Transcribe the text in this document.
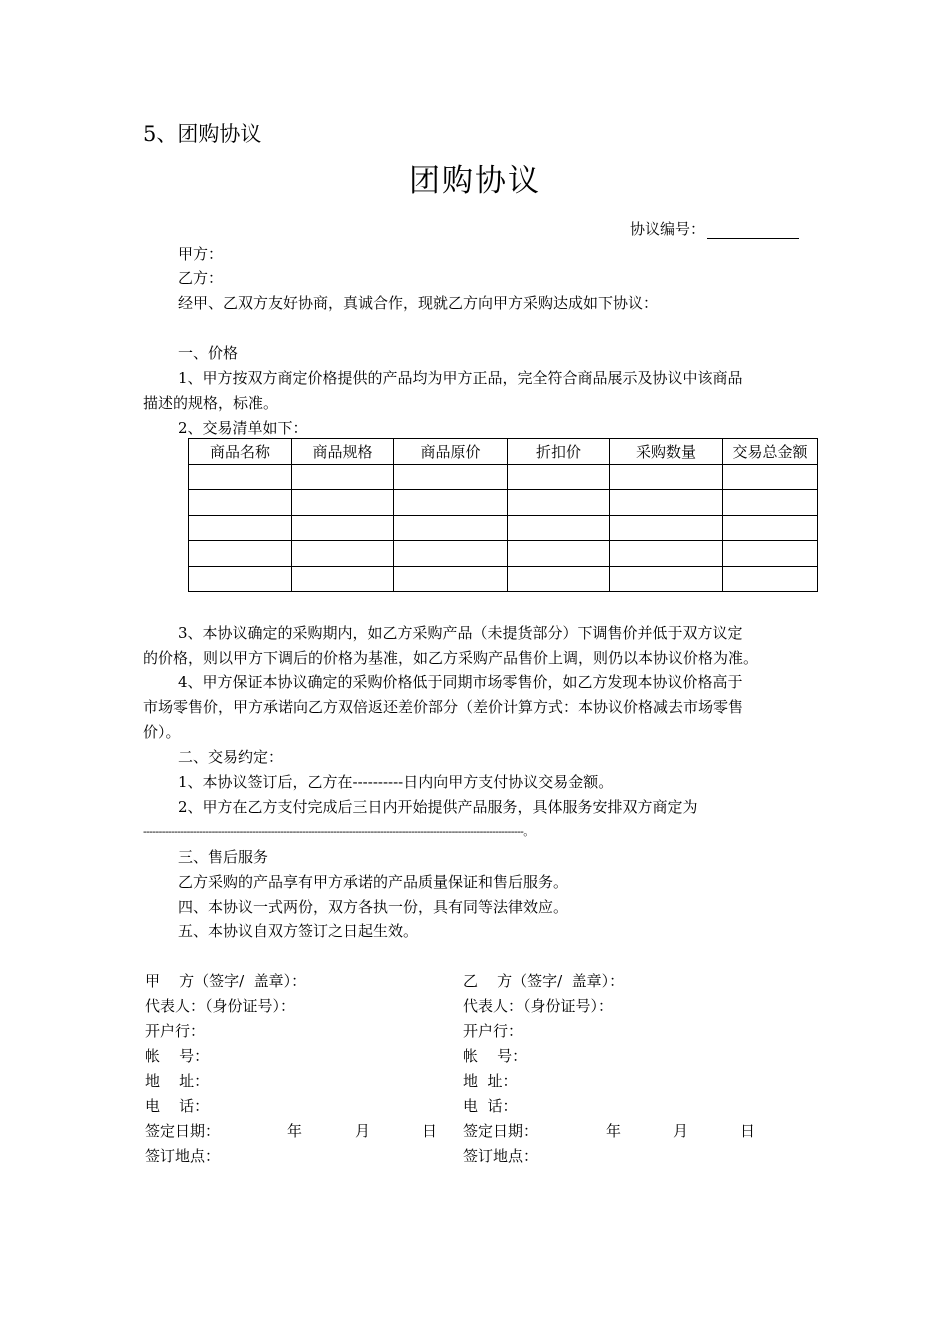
5、团购协议
团购协议
协议编号：
甲方：
乙方：
经甲、乙双方友好协商，真诚合作，现就乙方向甲方采购达成如下协议：
一、价格
1、甲方按双方商定价格提供的产品均为甲方正品，完全符合商品展示及协议中该商品
描述的规格，标准。
2、交易清单如下：
商品名称	商品规格	商品原价	折扣价	采购数量	交易总金额

3、本协议确定的采购期内，如乙方采购产品（未提货部分）下调售价并低于双方议定
的价格，则以甲方下调后的价格为基准，如乙方采购产品售价上调，则仍以本协议价格为准。
4、甲方保证本协议确定的采购价格低于同期市场零售价，如乙方发现本协议价格高于
市场零售价，甲方承诺向乙方双倍返还差价部分（差价计算方式：本协议价格减去市场零售
价）。
二、交易约定：
1、本协议签订后，乙方在----------日内向甲方支付协议交易金额。
2、甲方在乙方支付完成后三日内开始提供产品服务，具体服务安排双方商定为
--------------------------------------------------------------------------------------------------------------------------。
三、售后服务
乙方采购的产品享有甲方承诺的产品质量保证和售后服务。
四、本协议一式两份，双方各执一份，具有同等法律效应。
五、本协议自双方签订之日起生效。
甲    方（签字/  盖章）：
代表人：（身份证号）：
开户行：
帐    号：
地    址：
电    话：
签定日期：	年	月	日
签订地点：
乙    方（签字/  盖章）：
代表人：（身份证号）：
开户行：
帐    号：
地  址：
电  话：
签定日期：	年	月	日
签订地点：
